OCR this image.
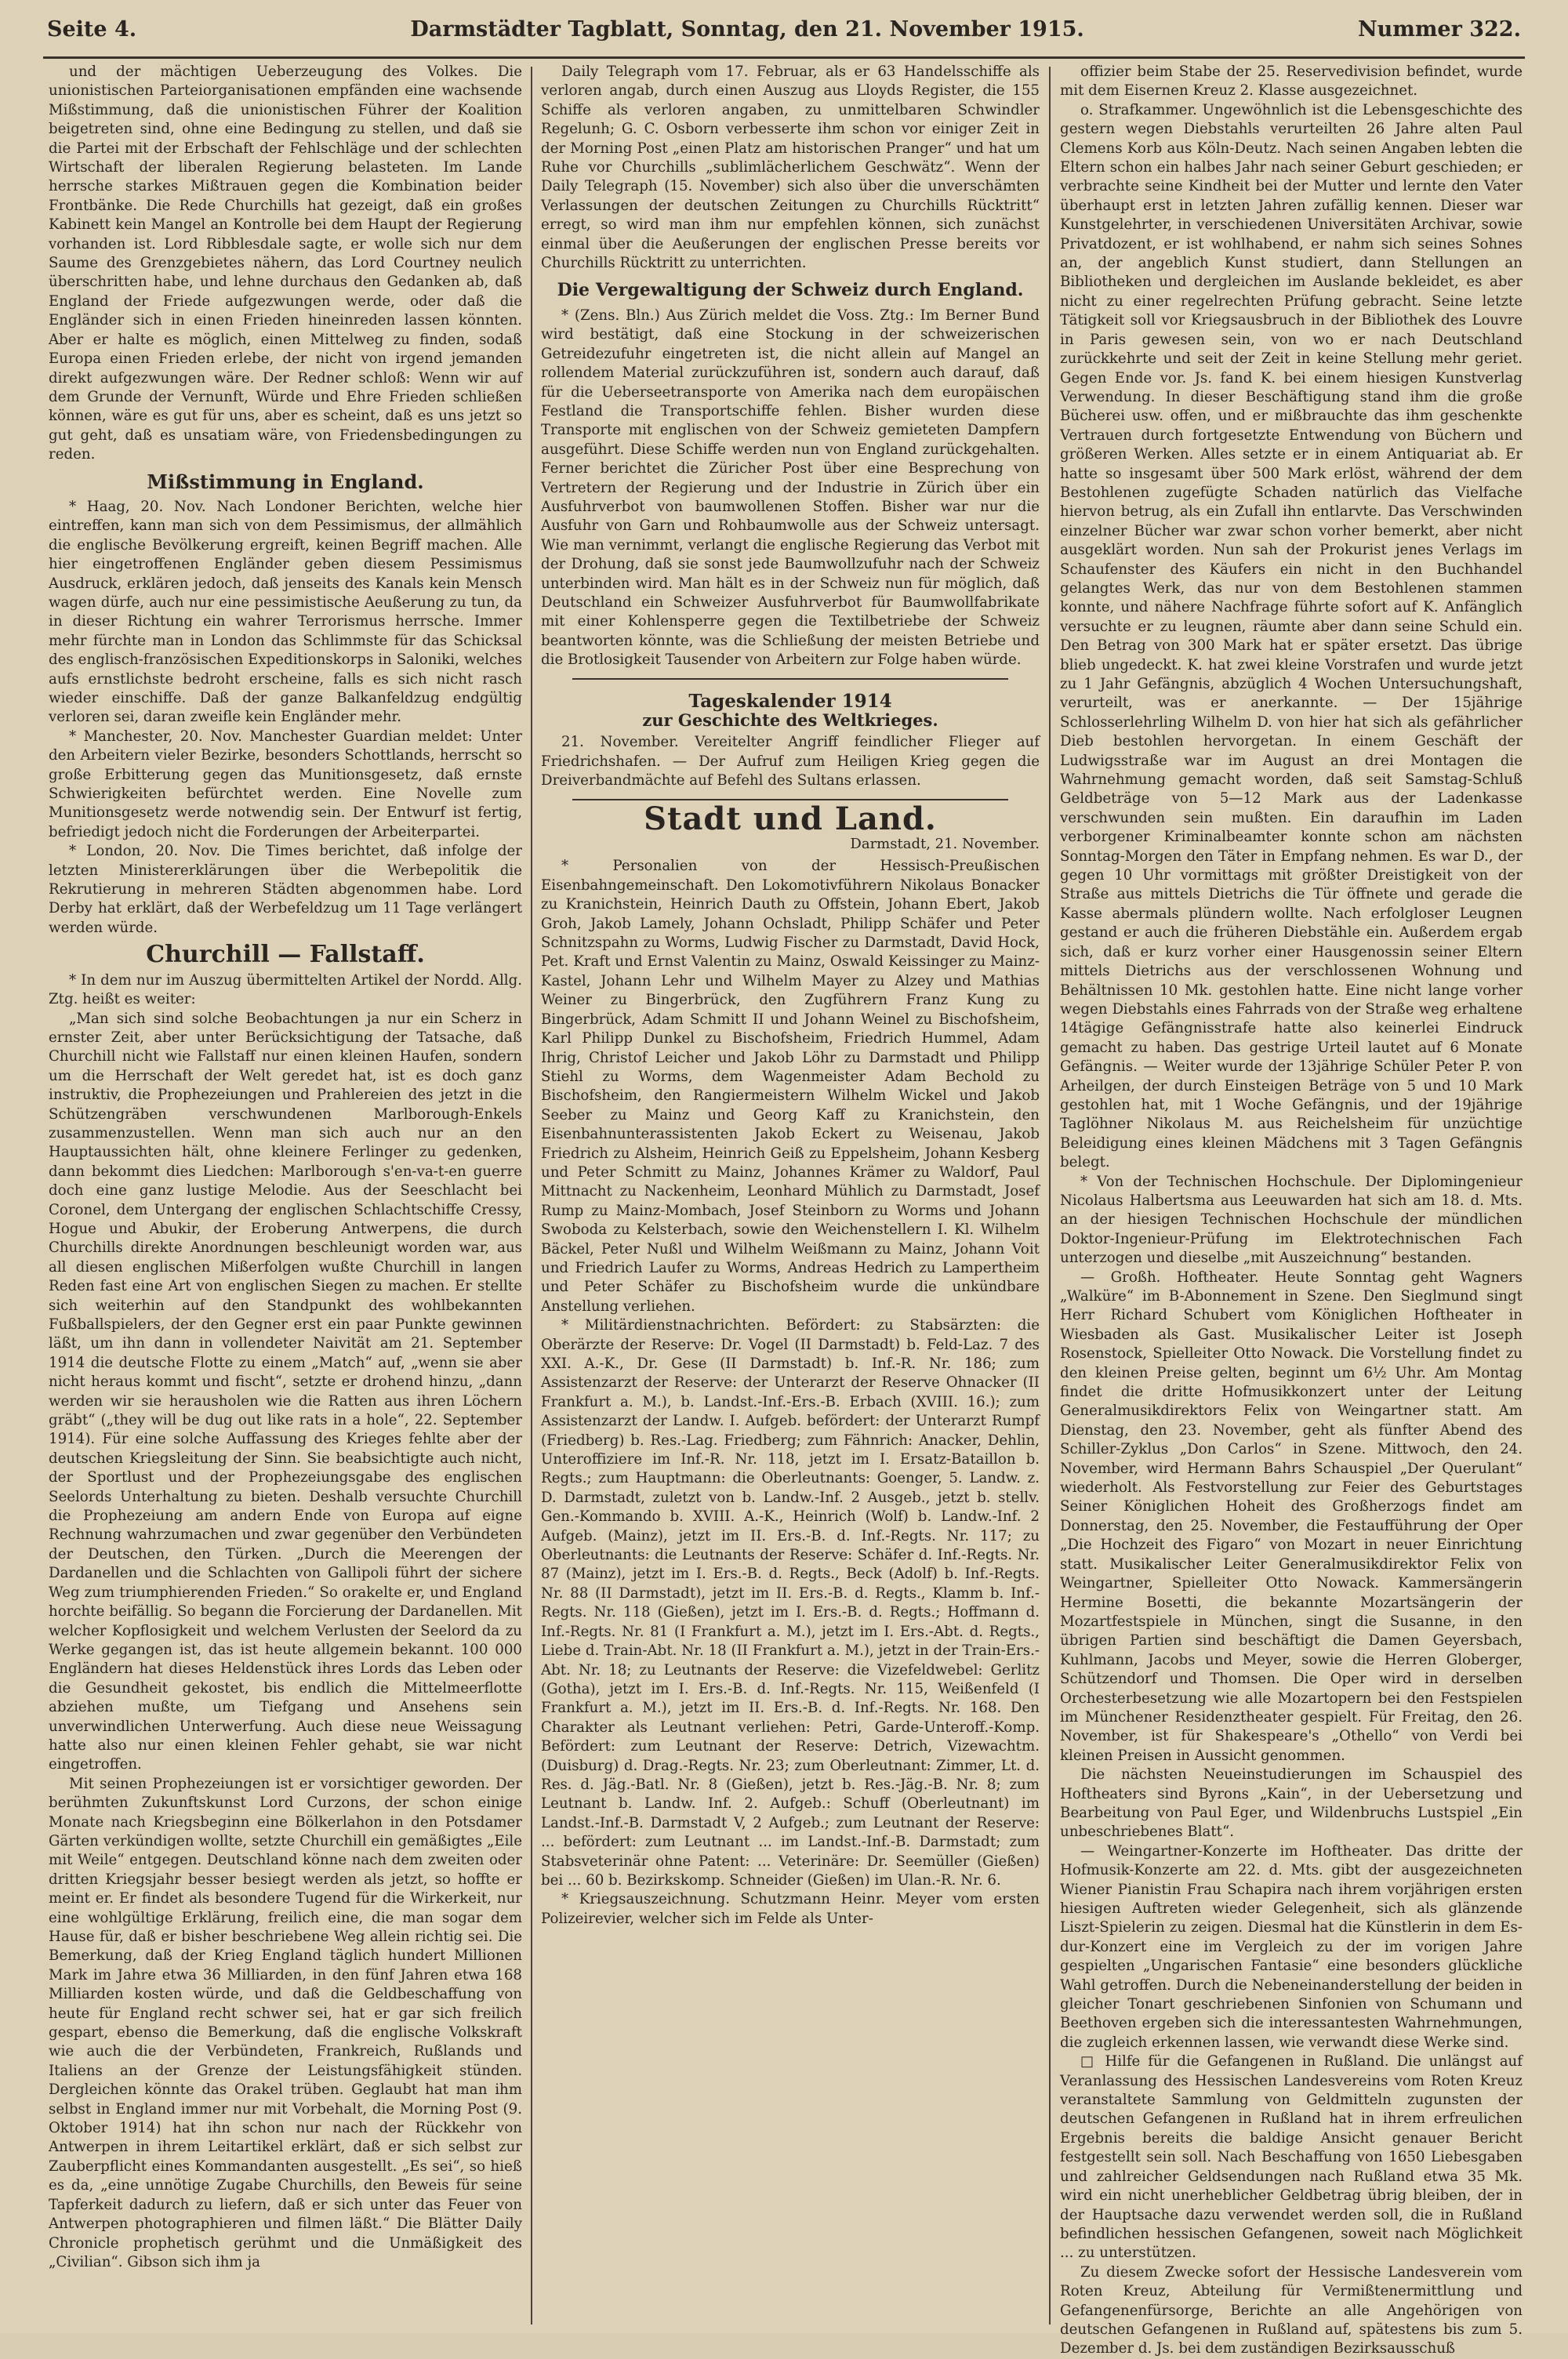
Seite 4.	Darmstädter Tagblatt, Sonntag, den 21. November 1915.	Nummer 322.

und der mächtigen Ueberzeugung des Volkes. Die unionistischen Parteiorganisationen empfänden eine wachsende Mißstimmung, daß die unionistischen Führer der Koalition beigetreten sind, ohne eine Bedingung zu stellen, und daß sie die Partei mit der Erbschaft der Fehlschläge und der schlechten Wirtschaft der liberalen Regierung belasteten. Im Lande herrsche starkes Mißtrauen gegen die Kombination beider Frontbänke. Die Rede Churchills hat gezeigt, daß ein großes Kabinett kein Mangel an Kontrolle bei dem Haupt der Regierung vorhanden ist. Lord Ribblesdale sagte, er wolle sich nur dem Saume des Grenzgebietes nähern, das Lord Courtney neulich überschritten habe, und lehne durchaus den Gedanken ab, daß England der Friede aufgezwungen werde, oder daß die Engländer sich in einen Frieden hineinreden lassen könnten. Aber er halte es möglich, einen Mittelweg zu finden, sodaß Europa einen Frieden erlebe, der nicht von irgend jemanden direkt aufgezwungen wäre. Der Redner schloß: Wenn wir auf dem Grunde der Vernunft, Würde und Ehre Frieden schließen können, wäre es gut für uns, aber es scheint, daß es uns jetzt so gut geht, daß es unsatiam wäre, von Friedensbedingungen zu reden.

Mißstimmung in England.

* Haag, 20. Nov. Nach Londoner Berichten, welche hier eintreffen, kann man sich von dem Pessimismus, der allmählich die englische Bevölkerung ergreift, keinen Begriff machen. Alle hier eingetroffenen Engländer geben diesem Pessimismus Ausdruck, erklären jedoch, daß jenseits des Kanals kein Mensch wagen dürfe, auch nur eine pessimistische Aeußerung zu tun, da in dieser Richtung ein wahrer Terrorismus herrsche. Immer mehr fürchte man in London das Schlimmste für das Schicksal des englisch-französischen Expeditionskorps in Saloniki, welches aufs ernstlichste bedroht erscheine, falls es sich nicht rasch wieder einschiffe. Daß der ganze Balkanfeldzug endgültig verloren sei, daran zweifle kein Engländer mehr.

* Manchester, 20. Nov. Manchester Guardian meldet: Unter den Arbeitern vieler Bezirke, besonders Schottlands, herrscht so große Erbitterung gegen das Munitionsgesetz, daß ernste Schwierigkeiten befürchtet werden. Eine Novelle zum Munitionsgesetz werde notwendig sein. Der Entwurf ist fertig, befriedigt jedoch nicht die Forderungen der Arbeiterpartei.

* London, 20. Nov. Die Times berichtet, daß infolge der letzten Ministererklärungen über die Werbepolitik die Rekrutierung in mehreren Städten abgenommen habe. Lord Derby hat erklärt, daß der Werbefeldzug um 11 Tage verlängert werden würde.

Churchill — Fallstaff.

* In dem nur im Auszug übermittelten Artikel der Nordd. Allg. Ztg. heißt es weiter:

„Man sich sind solche Beobachtungen ja nur ein Scherz in ernster Zeit, aber unter Berücksichtigung der Tatsache, daß Churchill nicht wie Fallstaff nur einen kleinen Haufen, sondern um die Herrschaft der Welt geredet hat, ist es doch ganz instruktiv, die Prophezeiungen und Prahlereien des jetzt in die Schützengräben verschwundenen Marlborough-Enkels zusammenzustellen. Wenn man sich auch nur an den Hauptaussichten hält, ohne kleinere Ferlinger zu gedenken, dann bekommt dies Liedchen: Marlborough s'en-va-t-en guerre doch eine ganz lustige Melodie. Aus der Seeschlacht bei Coronel, dem Untergang der englischen Schlachtschiffe Cressy, Hogue und Abukir, der Eroberung Antwerpens, die durch Churchills direkte Anordnungen beschleunigt worden war, aus all diesen englischen Mißerfolgen wußte Churchill in langen Reden fast eine Art von englischen Siegen zu machen. Er stellte sich weiterhin auf den Standpunkt des wohlbekannten Fußballspielers, der den Gegner erst ein paar Punkte gewinnen läßt, um ihn dann in vollendeter Naivität am 21. September 1914 die deutsche Flotte zu einem „Match“ auf, „wenn sie aber nicht heraus kommt und fischt“, setzte er drohend hinzu, „dann werden wir sie herausholen wie die Ratten aus ihren Löchern gräbt“ („they will be dug out like rats in a hole“, 22. September 1914). Für eine solche Auffassung des Krieges fehlte aber der deutschen Kriegsleitung der Sinn. Sie beabsichtigte auch nicht, der Sportlust und der Prophezeiungsgabe des englischen Seelords Unterhaltung zu bieten. Deshalb versuchte Churchill die Prophezeiung am andern Ende von Europa auf eigne Rechnung wahrzumachen und zwar gegenüber den Verbündeten der Deutschen, den Türken. „Durch die Meerengen der Dardanellen und die Schlachten von Gallipoli führt der sichere Weg zum triumphierenden Frieden.“ So orakelte er, und England horchte beifällig. So begann die Forcierung der Dardanellen. Mit welcher Kopflosigkeit und welchem Verlusten der Seelord da zu Werke gegangen ist, das ist heute allgemein bekannt. 100 000 Engländern hat dieses Heldenstück ihres Lords das Leben oder die Gesundheit gekostet, bis endlich die Mittelmeerflotte abziehen mußte, um Tiefgang und Ansehens sein unverwindlichen Unterwerfung. Auch diese neue Weissagung hatte also nur einen kleinen Fehler gehabt, sie war nicht eingetroffen.

Mit seinen Prophezeiungen ist er vorsichtiger geworden. Der berühmten Zukunftskunst Lord Curzons, der schon einige Monate nach Kriegsbeginn eine Bölkerlahon in den Potsdamer Gärten verkündigen wollte, setzte Churchill ein gemäßigtes „Eile mit Weile“ entgegen. Deutschland könne nach dem zweiten oder dritten Kriegsjahr besser besiegt werden als jetzt, so hoffte er meint er. Er findet als besondere Tugend für die Wirkerkeit, nur eine wohlgültige Erklärung, freilich eine, die man sogar dem Hause für, daß er bisher beschriebene Weg allein richtig sei. Die Bemerkung, daß der Krieg England täglich hundert Millionen Mark im Jahre etwa 36 Milliarden, in den fünf Jahren etwa 168 Milliarden kosten würde, und daß die Geldbeschaffung von heute für England recht schwer sei, hat er gar sich freilich gespart, ebenso die Bemerkung, daß die englische Volkskraft wie auch die der Verbündeten, Frankreich, Rußlands und Italiens an der Grenze der Leistungsfähigkeit stünden. Dergleichen könnte das Orakel trüben. Geglaubt hat man ihm selbst in England immer nur mit Vorbehalt, die Morning Post (9. Oktober 1914) hat ihn schon nur nach der Rückkehr von Antwerpen in ihrem Leitartikel erklärt, daß er sich selbst zur Zauberpflicht eines Kommandanten ausgestellt. „Es sei“, so hieß es da, „eine unnötige Zugabe Churchills, den Beweis für seine Tapferkeit dadurch zu liefern, daß er sich unter das Feuer von Antwerpen photographieren und filmen läßt.“ Die Blätter Daily Chronicle prophetisch gerühmt und die Unmäßigkeit des „Civilian“. Gibson sich ihm ja

Daily Telegraph vom 17. Februar, als er 63 Handelsschiffe als verloren angab, durch einen Auszug aus Lloyds Register, die 155 Schiffe als verloren angaben, zu unmittelbaren Schwindler Regelunh; G. C. Osborn verbesserte ihm schon vor einiger Zeit in der Morning Post „einen Platz am historischen Pranger“ und hat um Ruhe vor Churchills „sublimlächerlichem Geschwätz“. Wenn der Daily Telegraph (15. November) sich also über die unverschämten Verlassungen der deutschen Zeitungen zu Churchills Rücktritt“ erregt, so wird man ihm nur empfehlen können, sich zunächst einmal über die Aeußerungen der englischen Presse bereits vor Churchills Rücktritt zu unterrichten.

Die Vergewaltigung der Schweiz durch England.

* (Zens. Bln.) Aus Zürich meldet die Voss. Ztg.: Im Berner Bund wird bestätigt, daß eine Stockung in der schweizerischen Getreidezufuhr eingetreten ist, die nicht allein auf Mangel an rollendem Material zurückzuführen ist, sondern auch darauf, daß für die Ueberseetransporte von Amerika nach dem europäischen Festland die Transportschiffe fehlen. Bisher wurden diese Transporte mit englischen von der Schweiz gemieteten Dampfern ausgeführt. Diese Schiffe werden nun von England zurückgehalten. Ferner berichtet die Züricher Post über eine Besprechung von Vertretern der Regierung und der Industrie in Zürich über ein Ausfuhrverbot von baumwollenen Stoffen. Bisher war nur die Ausfuhr von Garn und Rohbaumwolle aus der Schweiz untersagt. Wie man vernimmt, verlangt die englische Regierung das Verbot mit der Drohung, daß sie sonst jede Baumwollzufuhr nach der Schweiz unterbinden wird. Man hält es in der Schweiz nun für möglich, daß Deutschland ein Schweizer Ausfuhrverbot für Baumwollfabrikate mit einer Kohlensperre gegen die Textilbetriebe der Schweiz beantworten könnte, was die Schließung der meisten Betriebe und die Brotlosigkeit Tausender von Arbeitern zur Folge haben würde.

Tageskalender 1914
zur Geschichte des Weltkrieges.

21. November. Vereitelter Angriff feindlicher Flieger auf Friedrichshafen. — Der Aufruf zum Heiligen Krieg gegen die Dreiverbandmächte auf Befehl des Sultans erlassen.

Stadt und Land.
Darmstadt, 21. November.

* Personalien von der Hessisch-Preußischen Eisenbahngemeinschaft. Den Lokomotivführern Nikolaus Bonacker zu Kranichstein, Heinrich Dauth zu Offstein, Johann Ebert, Jakob Groh, Jakob Lamely, Johann Ochsladt, Philipp Schäfer und Peter Schnitzspahn zu Worms, Ludwig Fischer zu Darmstadt, David Hock, Pet. Kraft und Ernst Valentin zu Mainz, Oswald Keissinger zu Mainz-Kastel, Johann Lehr und Wilhelm Mayer zu Alzey und Mathias Weiner zu Bingerbrück, den Zugführern Franz Kung zu Bingerbrück, Adam Schmitt II und Johann Weinel zu Bischofsheim, Karl Philipp Dunkel zu Bischofsheim, Friedrich Hummel, Adam Ihrig, Christof Leicher und Jakob Löhr zu Darmstadt und Philipp Stiehl zu Worms, dem Wagenmeister Adam Bechold zu Bischofsheim, den Rangiermeistern Wilhelm Wickel und Jakob Seeber zu Mainz und Georg Kaff zu Kranichstein, den Eisenbahnunterassistenten Jakob Eckert zu Weisenau, Jakob Friedrich zu Alsheim, Heinrich Geiß zu Eppelsheim, Johann Kesberg und Peter Schmitt zu Mainz, Johannes Krämer zu Waldorf, Paul Mittnacht zu Nackenheim, Leonhard Mühlich zu Darmstadt, Josef Rump zu Mainz-Mombach, Josef Steinborn zu Worms und Johann Swoboda zu Kelsterbach, sowie den Weichenstellern I. Kl. Wilhelm Bäckel, Peter Nußl und Wilhelm Weißmann zu Mainz, Johann Voit und Friedrich Laufer zu Worms, Andreas Hedrich zu Lampertheim und Peter Schäfer zu Bischofsheim wurde die unkündbare Anstellung verliehen.

* Militärdienstnachrichten. Befördert: zu Stabsärzten: die Oberärzte der Reserve: Dr. Vogel (II Darmstadt) b. Feld-Laz. 7 des XXI. A.-K., Dr. Gese (II Darmstadt) b. Inf.-R. Nr. 186; zum Assistenzarzt der Reserve: der Unterarzt der Reserve Ohnacker (II Frankfurt a. M.), b. Landst.-Inf.-Ers.-B. Erbach (XVIII. 16.); zum Assistenzarzt der Landw. I. Aufgeb. befördert: der Unterarzt Rumpf (Friedberg) b. Res.-Lag. Friedberg; zum Fähnrich: Anacker, Dehlin, Unteroffiziere im Inf.-R. Nr. 118, jetzt im I. Ersatz-Bataillon b. Regts.; zum Hauptmann: die Oberleutnants: Goenger, 5. Landw. z. D. Darmstadt, zuletzt von b. Landw.-Inf. 2 Ausgeb., jetzt b. stellv. Gen.-Kommando b. XVIII. A.-K., Heinrich (Wolf) b. Landw.-Inf. 2 Aufgeb. (Mainz), jetzt im II. Ers.-B. d. Inf.-Regts. Nr. 117; zu Oberleutnants: die Leutnants der Reserve: Schäfer d. Inf.-Regts. Nr. 87 (Mainz), jetzt im I. Ers.-B. d. Regts., Beck (Adolf) b. Inf.-Regts. Nr. 88 (II Darmstadt), jetzt im II. Ers.-B. d. Regts., Klamm b. Inf.-Regts. Nr. 118 (Gießen), jetzt im I. Ers.-B. d. Regts.; Hoffmann d. Inf.-Regts. Nr. 81 (I Frankfurt a. M.), jetzt im I. Ers.-Abt. d. Regts., Liebe d. Train-Abt. Nr. 18 (II Frankfurt a. M.), jetzt in der Train-Ers.-Abt. Nr. 18; zu Leutnants der Reserve: die Vizefeldwebel: Gerlitz (Gotha), jetzt im I. Ers.-B. d. Inf.-Regts. Nr. 115, Weißenfeld (I Frankfurt a. M.), jetzt im II. Ers.-B. d. Inf.-Regts. Nr. 168. Den Charakter als Leutnant verliehen: Petri, Garde-Unteroff.-Komp. Befördert: zum Leutnant der Reserve: Detrich, Vizewachtm. (Duisburg) d. Drag.-Regts. Nr. 23; zum Oberleutnant: Zimmer, Lt. d. Res. d. Jäg.-Batl. Nr. 8 (Gießen), jetzt b. Res.-Jäg.-B. Nr. 8; zum Leutnant b. Landw. Inf. 2. Aufgeb.: Schuff (Oberleutnant) im Landst.-Inf.-B. Darmstadt V, 2 Aufgeb.; zum Leutnant der Reserve: ... befördert: zum Leutnant ... im Landst.-Inf.-B. Darmstadt; zum Stabsveterinär ohne Patent: ... Veterinäre: Dr. Seemüller (Gießen) bei ... 60 b. Bezirkskomp. Schneider (Gießen) im Ulan.-R. Nr. 6.

* Kriegsauszeichnung. Schutzmann Heinr. Meyer vom ersten Polizeirevier, welcher sich im Felde als Unter-

offizier beim Stabe der 25. Reservedivision befindet, wurde mit dem Eisernen Kreuz 2. Klasse ausgezeichnet.

o. Strafkammer. Ungewöhnlich ist die Lebensgeschichte des gestern wegen Diebstahls verurteilten 26 Jahre alten Paul Clemens Korb aus Köln-Deutz. Nach seinen Angaben lebten die Eltern schon ein halbes Jahr nach seiner Geburt geschieden; er verbrachte seine Kindheit bei der Mutter und lernte den Vater überhaupt erst in letzten Jahren zufällig kennen. Dieser war Kunstgelehrter, in verschiedenen Universitäten Archivar, sowie Privatdozent, er ist wohlhabend, er nahm sich seines Sohnes an, der angeblich Kunst studiert, dann Stellungen an Bibliotheken und dergleichen im Auslande bekleidet, es aber nicht zu einer regelrechten Prüfung gebracht. Seine letzte Tätigkeit soll vor Kriegsausbruch in der Bibliothek des Louvre in Paris gewesen sein, von wo er nach Deutschland zurückkehrte und seit der Zeit in keine Stellung mehr geriet. Gegen Ende vor. Js. fand K. bei einem hiesigen Kunstverlag Verwendung. In dieser Beschäftigung stand ihm die große Bücherei usw. offen, und er mißbrauchte das ihm geschenkte Vertrauen durch fortgesetzte Entwendung von Büchern und größeren Werken. Alles setzte er in einem Antiquariat ab. Er hatte so insgesamt über 500 Mark erlöst, während der dem Bestohlenen zugefügte Schaden natürlich das Vielfache hiervon betrug, als ein Zufall ihn entlarvte. Das Verschwinden einzelner Bücher war zwar schon vorher bemerkt, aber nicht ausgeklärt worden. Nun sah der Prokurist jenes Verlags im Schaufenster des Käufers ein nicht in den Buchhandel gelangtes Werk, das nur von dem Bestohlenen stammen konnte, und nähere Nachfrage führte sofort auf K. Anfänglich versuchte er zu leugnen, räumte aber dann seine Schuld ein. Den Betrag von 300 Mark hat er später ersetzt. Das übrige blieb ungedeckt. K. hat zwei kleine Vorstrafen und wurde jetzt zu 1 Jahr Gefängnis, abzüglich 4 Wochen Untersuchungshaft, verurteilt, was er anerkannte. — Der 15jährige Schlosserlehrling Wilhelm D. von hier hat sich als gefährlicher Dieb bestohlen hervorgetan. In einem Geschäft der Ludwigsstraße war im August an drei Montagen die Wahrnehmung gemacht worden, daß seit Samstag-Schluß Geldbeträge von 5—12 Mark aus der Ladenkasse verschwunden sein mußten. Ein daraufhin im Laden verborgener Kriminalbeamter konnte schon am nächsten Sonntag-Morgen den Täter in Empfang nehmen. Es war D., der gegen 10 Uhr vormittags mit größter Dreistigkeit von der Straße aus mittels Dietrichs die Tür öffnete und gerade die Kasse abermals plündern wollte. Nach erfolgloser Leugnen gestand er auch die früheren Diebstähle ein. Außerdem ergab sich, daß er kurz vorher einer Hausgenossin seiner Eltern mittels Dietrichs aus der verschlossenen Wohnung und Behältnissen 10 Mk. gestohlen hatte. Eine nicht lange vorher wegen Diebstahls eines Fahrrads von der Straße weg erhaltene 14tägige Gefängnisstrafe hatte also keinerlei Eindruck gemacht zu haben. Das gestrige Urteil lautet auf 6 Monate Gefängnis. — Weiter wurde der 13jährige Schüler Peter P. von Arheilgen, der durch Einsteigen Beträge von 5 und 10 Mark gestohlen hat, mit 1 Woche Gefängnis, und der 19jährige Taglöhner Nikolaus M. aus Reichelsheim für unzüchtige Beleidigung eines kleinen Mädchens mit 3 Tagen Gefängnis belegt.

* Von der Technischen Hochschule. Der Diplomingenieur Nicolaus Halbertsma aus Leeuwarden hat sich am 18. d. Mts. an der hiesigen Technischen Hochschule der mündlichen Doktor-Ingenieur-Prüfung im Elektrotechnischen Fach unterzogen und dieselbe „mit Auszeichnung“ bestanden.

— Großh. Hoftheater. Heute Sonntag geht Wagners „Walküre“ im B-Abonnement in Szene. Den Sieglmund singt Herr Richard Schubert vom Königlichen Hoftheater in Wiesbaden als Gast. Musikalischer Leiter ist Joseph Rosenstock, Spielleiter Otto Nowack. Die Vorstellung findet zu den kleinen Preise gelten, beginnt um 6½ Uhr. Am Montag findet die dritte Hofmusikkonzert unter der Leitung Generalmusikdirektors Felix von Weingartner statt. Am Dienstag, den 23. November, geht als fünfter Abend des Schiller-Zyklus „Don Carlos“ in Szene. Mittwoch, den 24. November, wird Hermann Bahrs Schauspiel „Der Querulant“ wiederholt. Als Festvorstellung zur Feier des Geburtstages Seiner Königlichen Hoheit des Großherzogs findet am Donnerstag, den 25. November, die Festaufführung der Oper „Die Hochzeit des Figaro“ von Mozart in neuer Einrichtung statt. Musikalischer Leiter Generalmusikdirektor Felix von Weingartner, Spielleiter Otto Nowack. Kammersängerin Hermine Bosetti, die bekannte Mozartsängerin der Mozartfestspiele in München, singt die Susanne, in den übrigen Partien sind beschäftigt die Damen Geyersbach, Kuhlmann, Jacobs und Meyer, sowie die Herren Globerger, Schützendorf und Thomsen. Die Oper wird in derselben Orchesterbesetzung wie alle Mozartopern bei den Festspielen im Münchener Residenztheater gespielt. Für Freitag, den 26. November, ist für Shakespeare's „Othello“ von Verdi bei kleinen Preisen in Aussicht genommen.

Die nächsten Neueinstudierungen im Schauspiel des Hoftheaters sind Byrons „Kain“, in der Uebersetzung und Bearbeitung von Paul Eger, und Wildenbruchs Lustspiel „Ein unbeschriebenes Blatt“.

— Weingartner-Konzerte im Hoftheater. Das dritte der Hofmusik-Konzerte am 22. d. Mts. gibt der ausgezeichneten Wiener Pianistin Frau Schapira nach ihrem vorjährigen ersten hiesigen Auftreten wieder Gelegenheit, sich als glänzende Liszt-Spielerin zu zeigen. Diesmal hat die Künstlerin in dem Es-dur-Konzert eine im Vergleich zu der im vorigen Jahre gespielten „Ungarischen Fantasie“ eine besonders glückliche Wahl getroffen. Durch die Nebeneinanderstellung der beiden in gleicher Tonart geschriebenen Sinfonien von Schumann und Beethoven ergeben sich die interessantesten Wahrnehmungen, die zugleich erkennen lassen, wie verwandt diese Werke sind.

□ Hilfe für die Gefangenen in Rußland. Die unlängst auf Veranlassung des Hessischen Landesvereins vom Roten Kreuz veranstaltete Sammlung von Geldmitteln zugunsten der deutschen Gefangenen in Rußland hat in ihrem erfreulichen Ergebnis bereits die baldige Ansicht genauer Bericht festgestellt sein soll. Nach Beschaffung von 1650 Liebesgaben und zahlreicher Geldsendungen nach Rußland etwa 35 Mk. wird ein nicht unerheblicher Geldbetrag übrig bleiben, der in der Hauptsache dazu verwendet werden soll, die in Rußland befindlichen hessischen Gefangenen, soweit nach Möglichkeit ... zu unterstützen.

Zu diesem Zwecke sofort der Hessische Landesverein vom Roten Kreuz, Abteilung für Vermißtenermittlung und Gefangenenfürsorge, Berichte an alle Angehörigen von deutschen Gefangenen in Rußland auf, spätestens bis zum 5. Dezember d. Js. bei dem zuständigen Bezirksausschuß
